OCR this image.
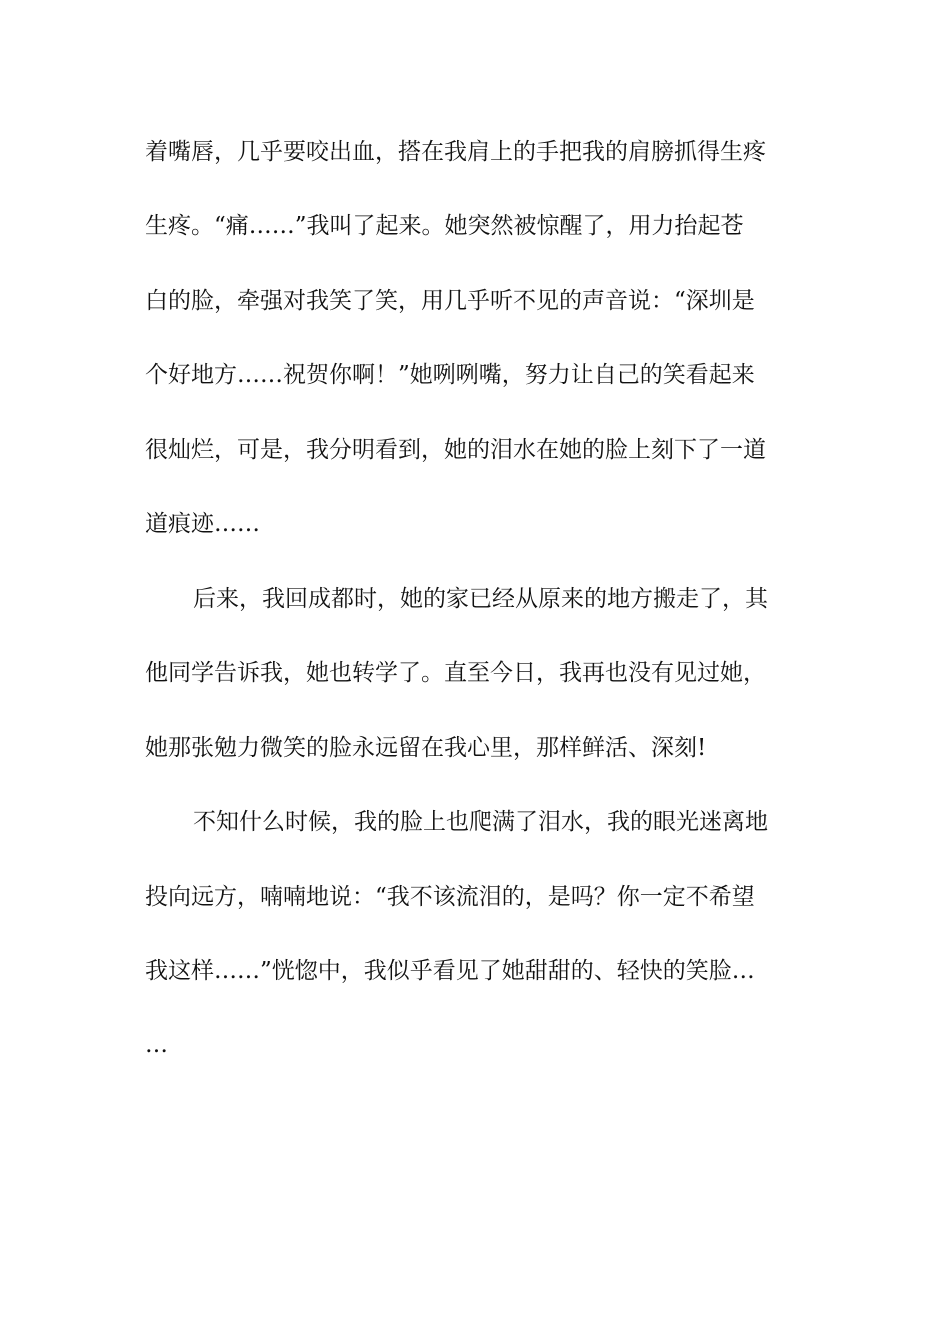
着嘴唇，几乎要咬出血，搭在我肩上的手把我的肩膀抓得生疼
生疼。“痛……”我叫了起来。她突然被惊醒了，用力抬起苍
白的脸，牵强对我笑了笑，用几乎听不见的声音说：“深圳是
个好地方……祝贺你啊！”她咧咧嘴，努力让自己的笑看起来
很灿烂，可是，我分明看到，她的泪水在她的脸上刻下了一道
道痕迹……
后来，我回成都时，她的家已经从原来的地方搬走了，其
他同学告诉我，她也转学了。直至今日，我再也没有见过她，
她那张勉力微笑的脸永远留在我心里，那样鲜活、深刻!
不知什么时候，我的脸上也爬满了泪水，我的眼光迷离地
投向远方，喃喃地说：“我不该流泪的，是吗？你一定不希望
我这样……”恍惚中，我似乎看见了她甜甜的、轻快的笑脸…
…
